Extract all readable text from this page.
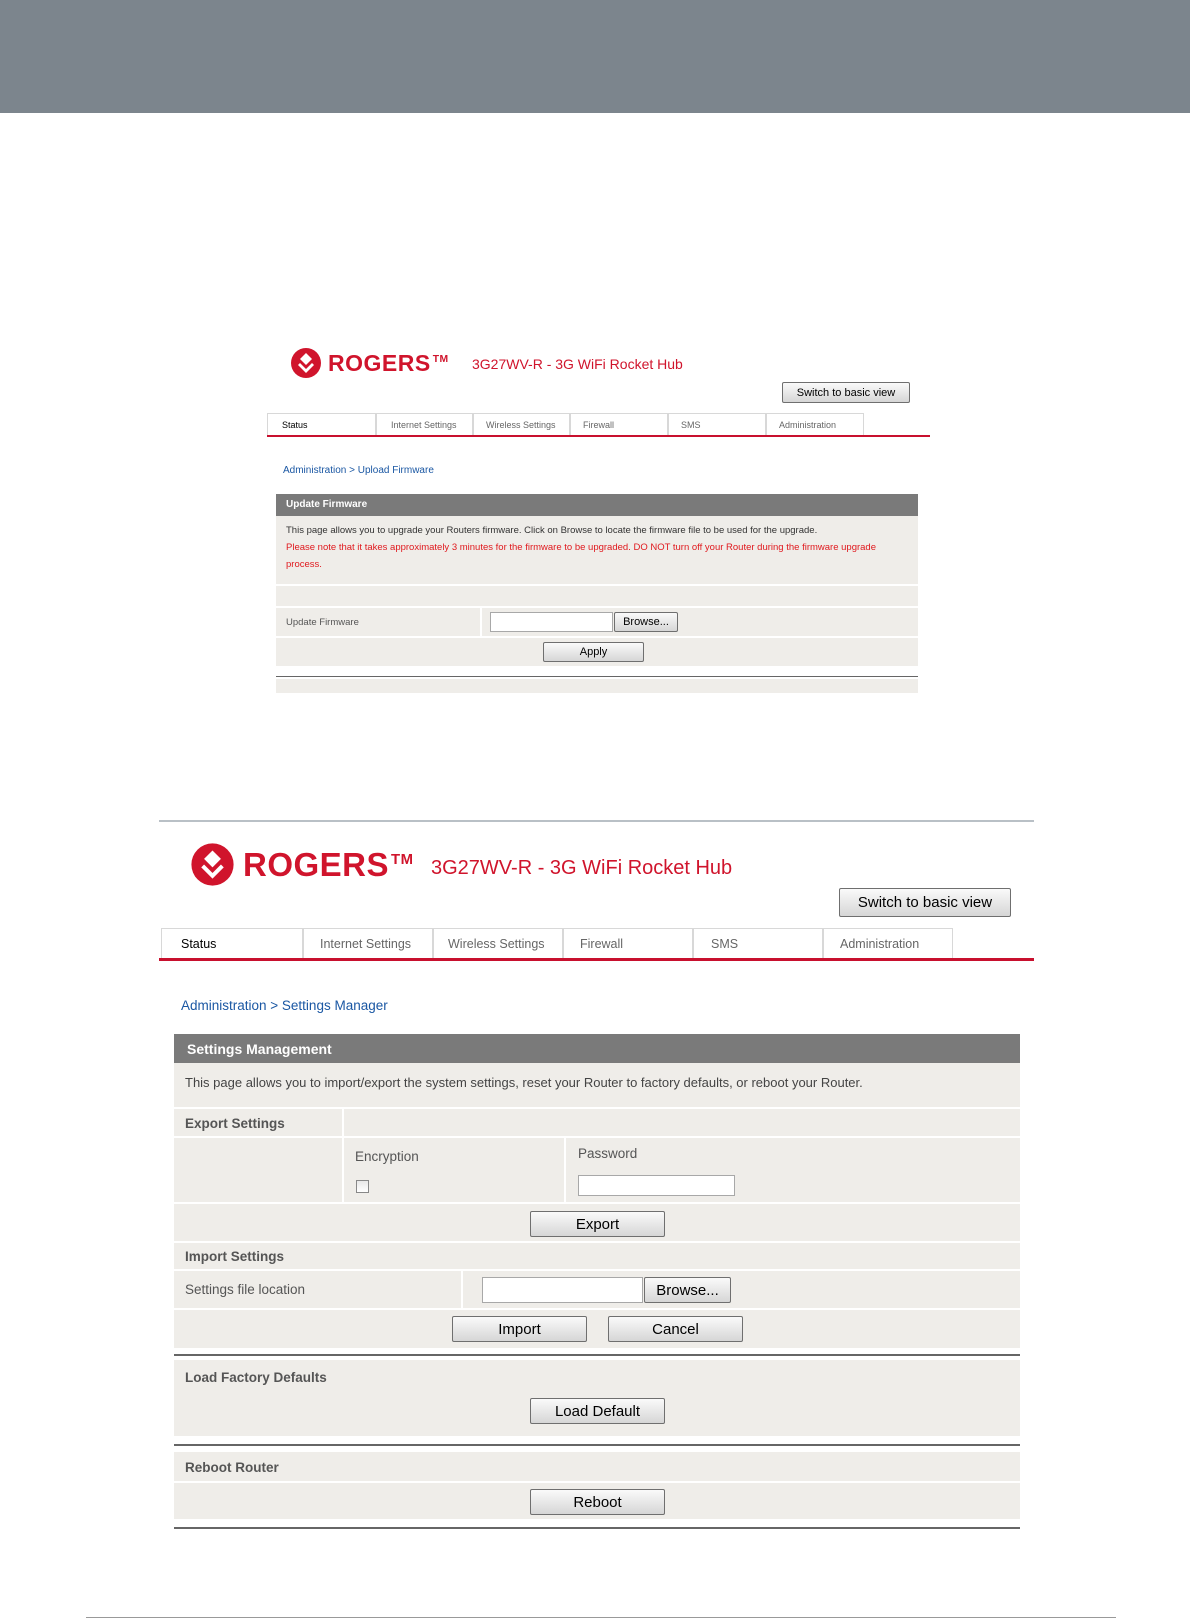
ROGERS ™ 3G27WV-R - 3G WiFi Rocket Hub
Switch to basic view
Status	Internet Settings	Wireless Settings	Firewall	SMS	Administration
Administration > Upload Firmware
Update Firmware
This page allows you to upgrade your Routers firmware. Click on Browse to locate the firmware file to be used for the upgrade.
Please note that it takes approximately 3 minutes for the firmware to be upgraded. DO NOT turn off your Router during the firmware upgrade process.
Update Firmware	Browse...
Apply
ROGERS ™ 3G27WV-R - 3G WiFi Rocket Hub
Switch to basic view
Status	Internet Settings	Wireless Settings	Firewall	SMS	Administration
Administration > Settings Manager
Settings Management
This page allows you to import/export the system settings, reset your Router to factory defaults, or reboot your Router.
Export Settings
Encryption	Password
Export
Import Settings
Settings file location	Browse...
Import	Cancel
Load Factory Defaults
Load Default
Reboot Router
Reboot
